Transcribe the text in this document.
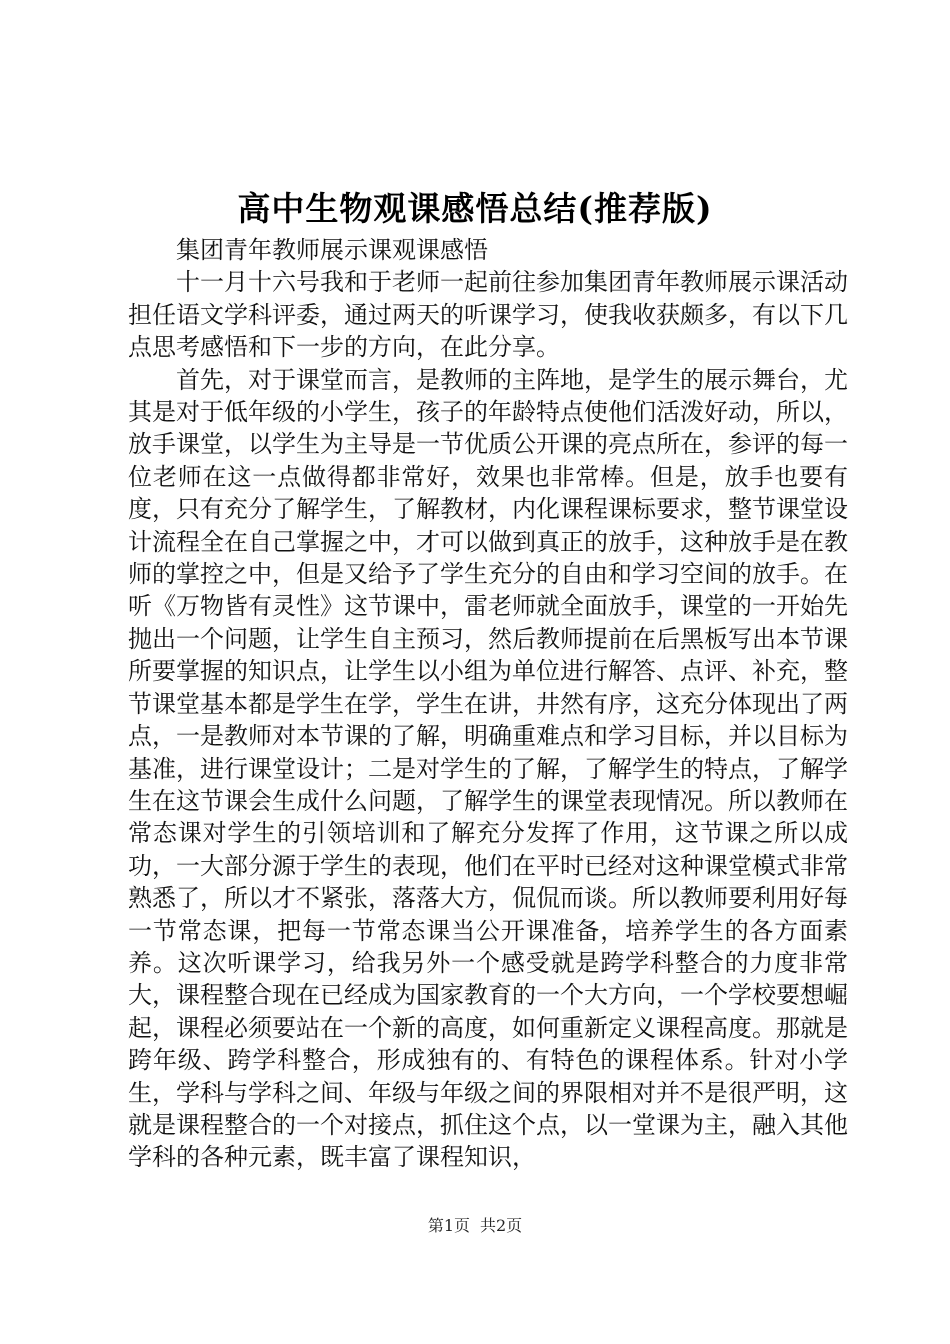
高中生物观课感悟总结(推荐版)

集团青年教师展示课观课感悟

十一月十六号我和于老师一起前往参加集团青年教师展示课活动担任语文学科评委，通过两天的听课学习，使我收获颇多，有以下几点思考感悟和下一步的方向，在此分享。

首先，对于课堂而言，是教师的主阵地，是学生的展示舞台，尤其是对于低年级的小学生，孩子的年龄特点使他们活泼好动，所以，放手课堂，以学生为主导是一节优质公开课的亮点所在，参评的每一位老师在这一点做得都非常好，效果也非常棒。但是，放手也要有度，只有充分了解学生，了解教材，内化课程课标要求，整节课堂设计流程全在自己掌握之中，才可以做到真正的放手，这种放手是在教师的掌控之中，但是又给予了学生充分的自由和学习空间的放手。在听《万物皆有灵性》这节课中，雷老师就全面放手，课堂的一开始先抛出一个问题，让学生自主预习，然后教师提前在后黑板写出本节课所要掌握的知识点，让学生以小组为单位进行解答、点评、补充，整节课堂基本都是学生在学，学生在讲，井然有序，这充分体现出了两点，一是教师对本节课的了解，明确重难点和学习目标，并以目标为基准，进行课堂设计；二是对学生的了解，了解学生的特点，了解学生在这节课会生成什么问题，了解学生的课堂表现情况。所以教师在常态课对学生的引领培训和了解充分发挥了作用，这节课之所以成功，一大部分源于学生的表现，他们在平时已经对这种课堂模式非常熟悉了，所以才不紧张，落落大方，侃侃而谈。所以教师要利用好每一节常态课，把每一节常态课当公开课准备，培养学生的各方面素养。这次听课学习，给我另外一个感受就是跨学科整合的力度非常大，课程整合现在已经成为国家教育的一个大方向，一个学校要想崛起，课程必须要站在一个新的高度，如何重新定义课程高度。那就是跨年级、跨学科整合，形成独有的、有特色的课程体系。针对小学生，学科与学科之间、年级与年级之间的界限相对并不是很严明，这就是课程整合的一个对接点，抓住这个点，以一堂课为主，融入其他学科的各种元素，既丰富了课程知识，

第1页 共2页
